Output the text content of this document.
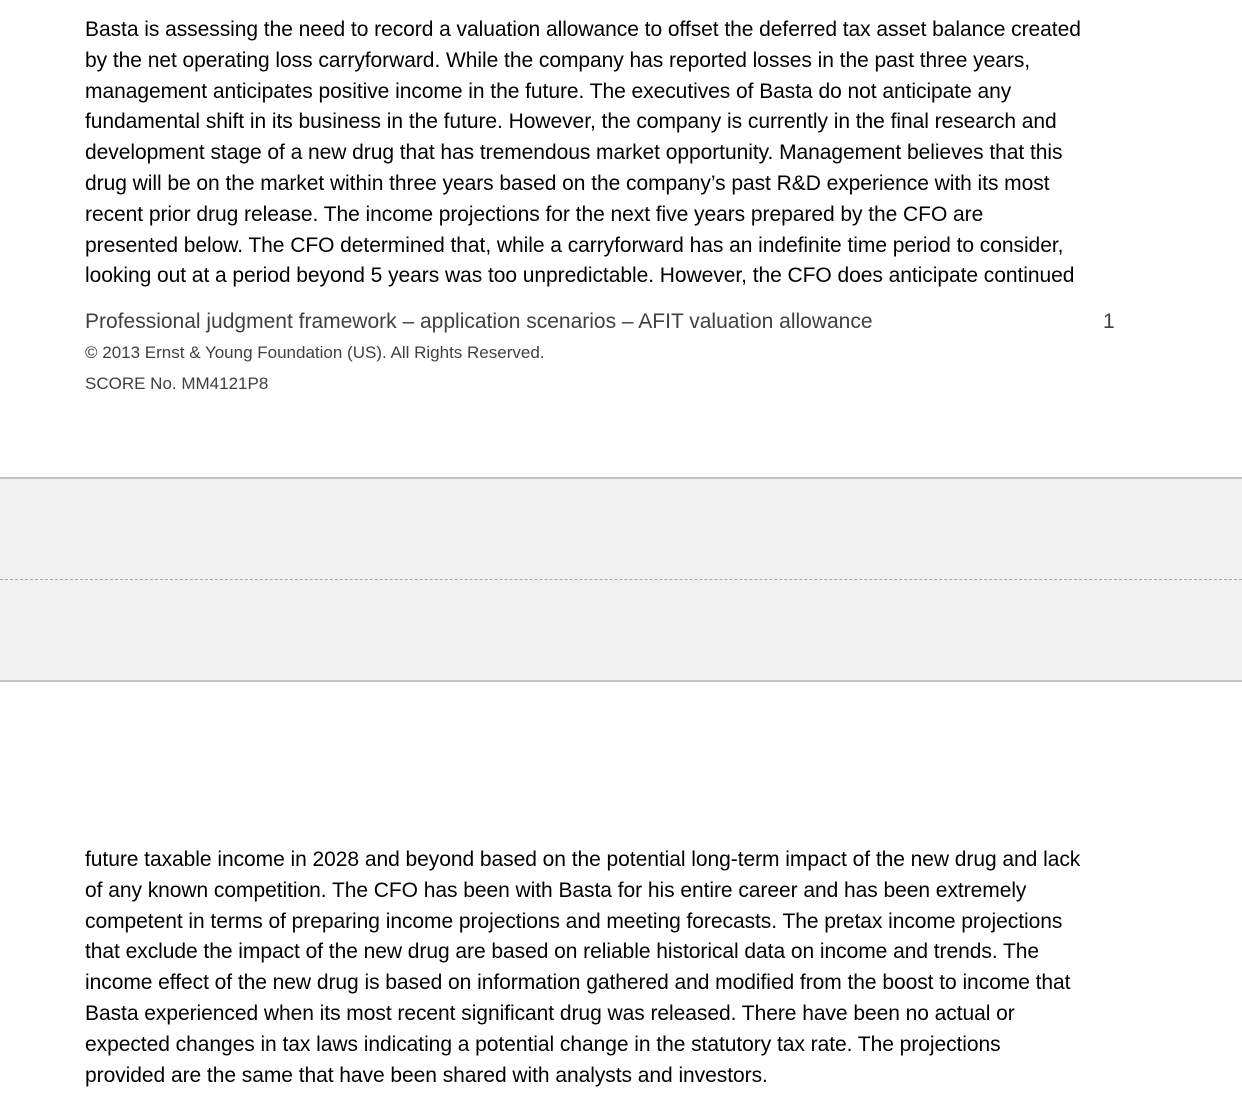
Basta is assessing the need to record a valuation allowance to offset the deferred tax asset balance created
by the net operating loss carryforward. While the company has reported losses in the past three years,
management anticipates positive income in the future. The executives of Basta do not anticipate any
fundamental shift in its business in the future. However, the company is currently in the final research and
development stage of a new drug that has tremendous market opportunity. Management believes that this
drug will be on the market within three years based on the company’s past R&D experience with its most
recent prior drug release. The income projections for the next five years prepared by the CFO are
presented below. The CFO determined that, while a carryforward has an indefinite time period to consider,
looking out at a period beyond 5 years was too unpredictable. However, the CFO does anticipate continued

Professional judgment framework – application scenarios – AFIT valuation allowance	1
© 2013 Ernst & Young Foundation (US). All Rights Reserved.
SCORE No. MM4121P8

future taxable income in 2028 and beyond based on the potential long-term impact of the new drug and lack
of any known competition. The CFO has been with Basta for his entire career and has been extremely
competent in terms of preparing income projections and meeting forecasts. The pretax income projections
that exclude the impact of the new drug are based on reliable historical data on income and trends. The
income effect of the new drug is based on information gathered and modified from the boost to income that
Basta experienced when its most recent significant drug was released. There have been no actual or
expected changes in tax laws indicating a potential change in the statutory tax rate. The projections
provided are the same that have been shared with analysts and investors.
